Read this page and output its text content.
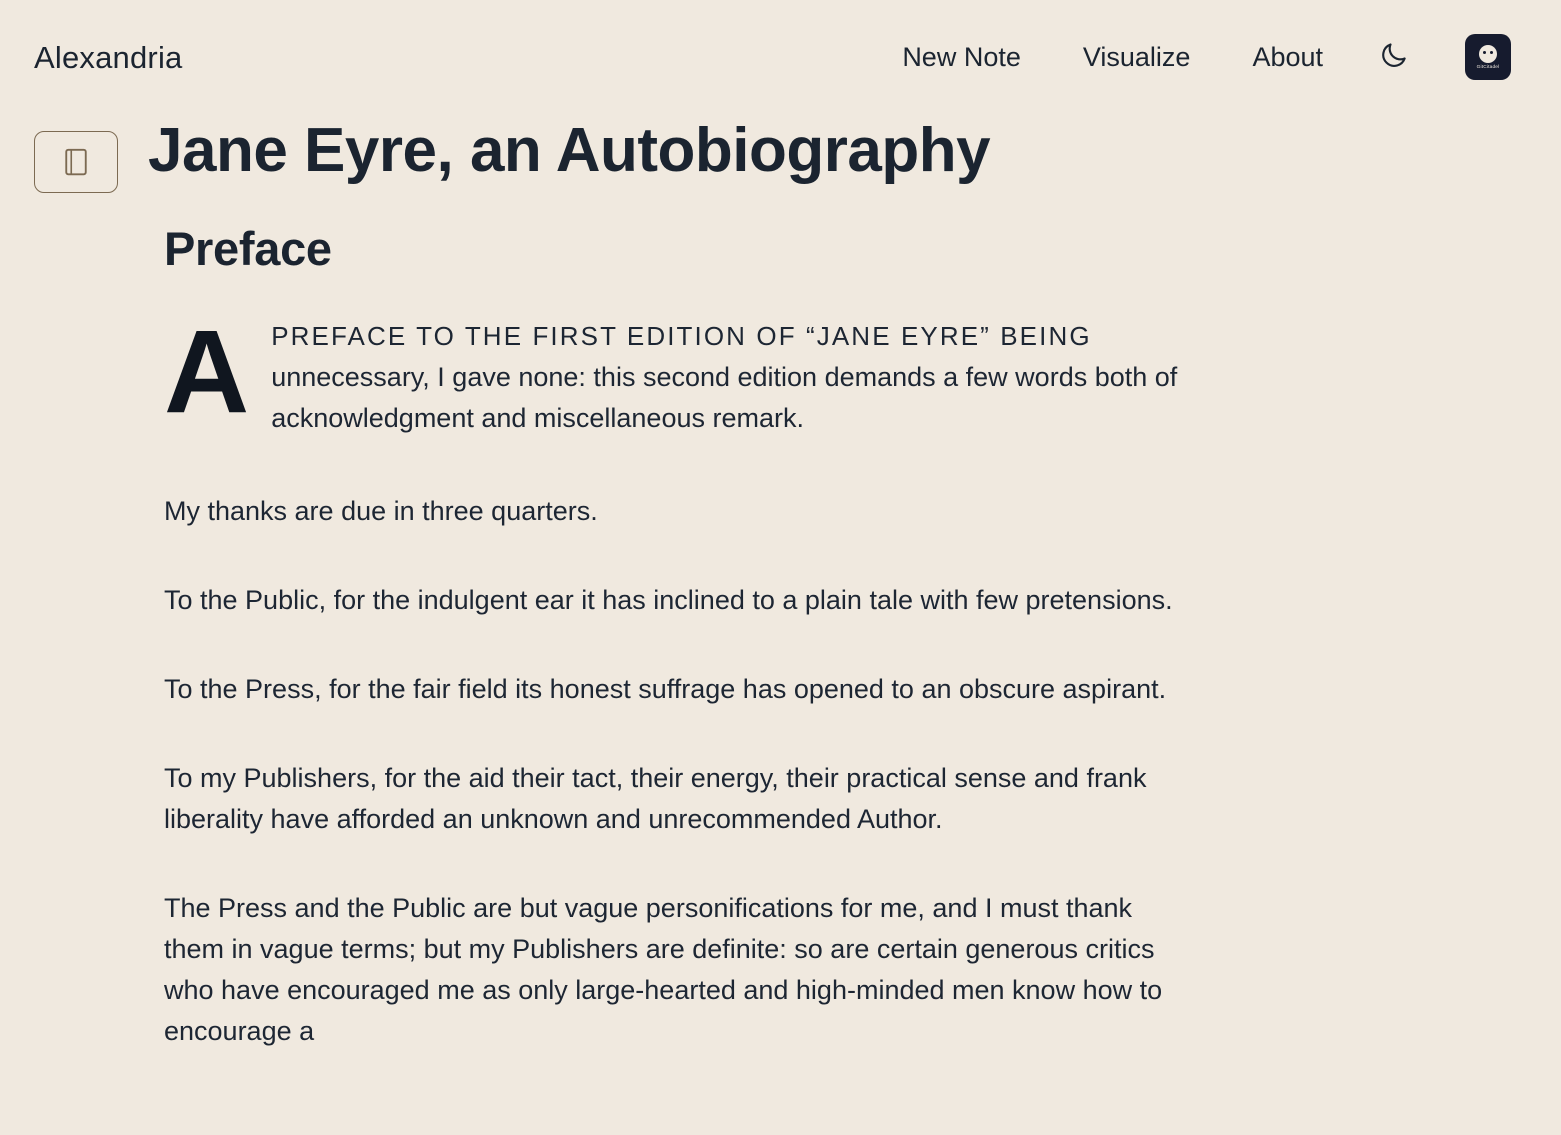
Alexandria	New Note Visualize About	GitCitadel
Jane Eyre, an Autobiography
Preface

APREFACE TO THE FIRST EDITION OF “JANE EYRE” BEING unnecessary, I gave none: this second edition demands a few words both of acknowledgment and miscellaneous remark.

My thanks are due in three quarters.

To the Public, for the indulgent ear it has inclined to a plain tale with few pretensions.

To the Press, for the fair field its honest suffrage has opened to an obscure aspirant.

To my Publishers, for the aid their tact, their energy, their practical sense and frank liberality have afforded an unknown and unrecommended Author.

The Press and the Public are but vague personifications for me, and I must thank them in vague terms; but my Publishers are definite: so are certain generous critics who have encouraged me as only large-hearted and high-minded men know how to encourage a
